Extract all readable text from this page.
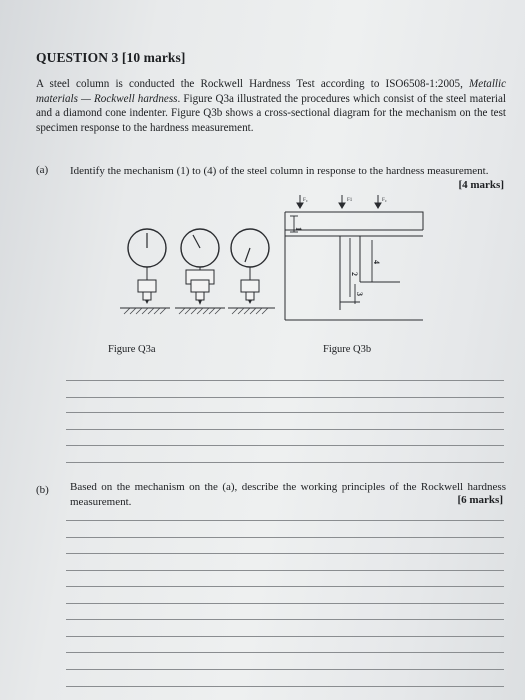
QUESTION 3 [10 marks]
A steel column is conducted the Rockwell Hardness Test according to ISO6508-1:2005, Metallic materials — Rockwell hardness. Figure Q3a illustrated the procedures which consist of the steel material and a diamond cone indenter. Figure Q3b shows a cross-sectional diagram for the mechanism on the test specimen response to the hardness measurement.
(a) Identify the mechanism (1) to (4) of the steel column in response to the hardness measurement.
[4 marks]
F₀	F1	F₀
1
2
3
4
Figure Q3a	Figure Q3b
(b) Based on the mechanism on the (a), describe the working principles of the Rockwell hardness measurement.	[6 marks]
